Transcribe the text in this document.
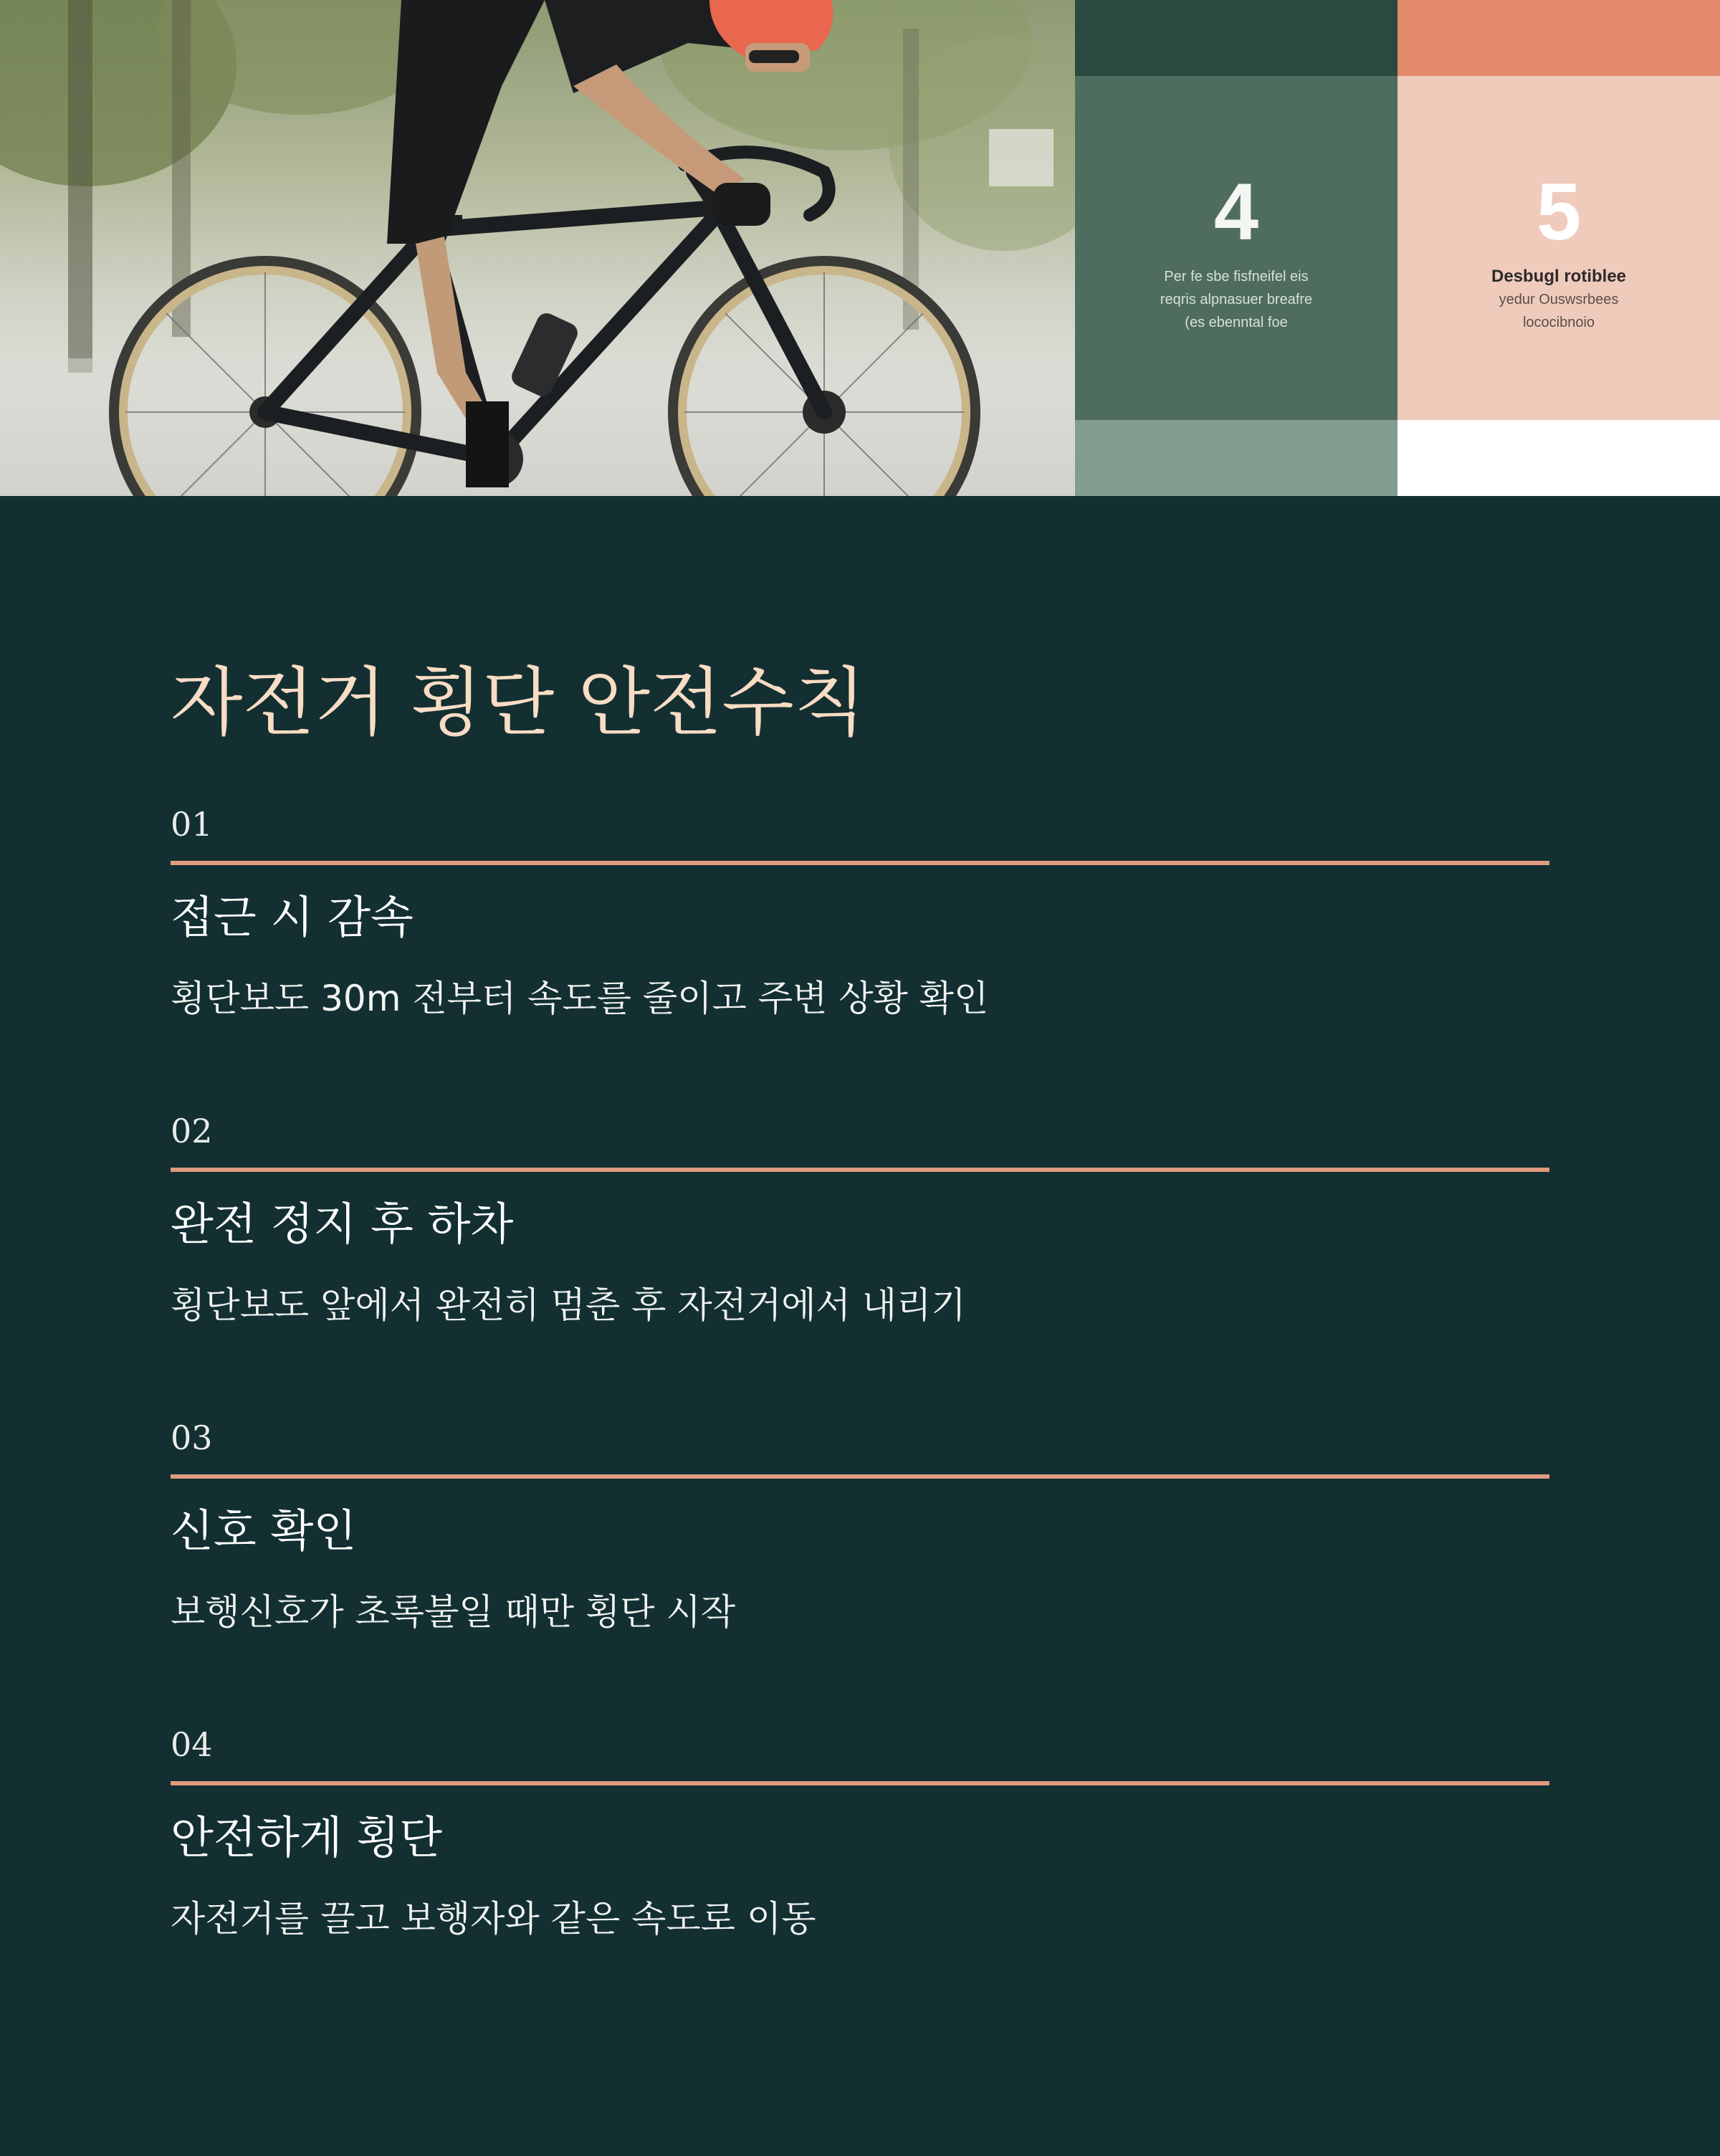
4
Per fe sbe fisfneifel eis
reqris alpnasuer breafre
(es ebenntal foe
5
Desbugl rotiblee
yedur Ouswsrbees
lococibnoio
자전거 횡단 안전수칙
01
접근 시 감속

횡단보도 30m 전부터 속도를 줄이고 주변 상황 확인

02
완전 정지 후 하차

횡단보도 앞에서 완전히 멈춘 후 자전거에서 내리기

03
신호 확인

보행신호가 초록불일 때만 횡단 시작

04
안전하게 횡단

자전거를 끌고 보행자와 같은 속도로 이동
